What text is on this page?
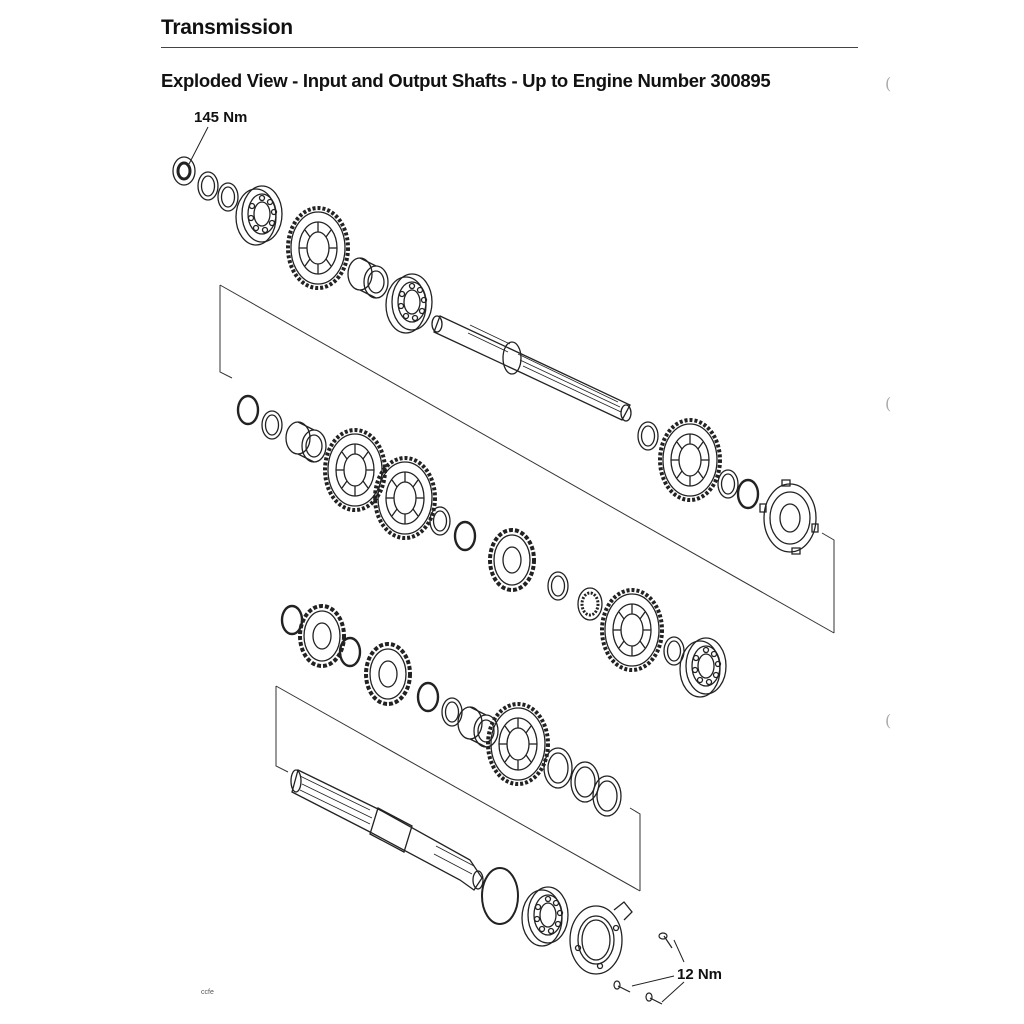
Transmission
Exploded View - Input and Output Shafts - Up to Engine Number 300895
145 Nm
12 Nm
ccfe
(
(
(
